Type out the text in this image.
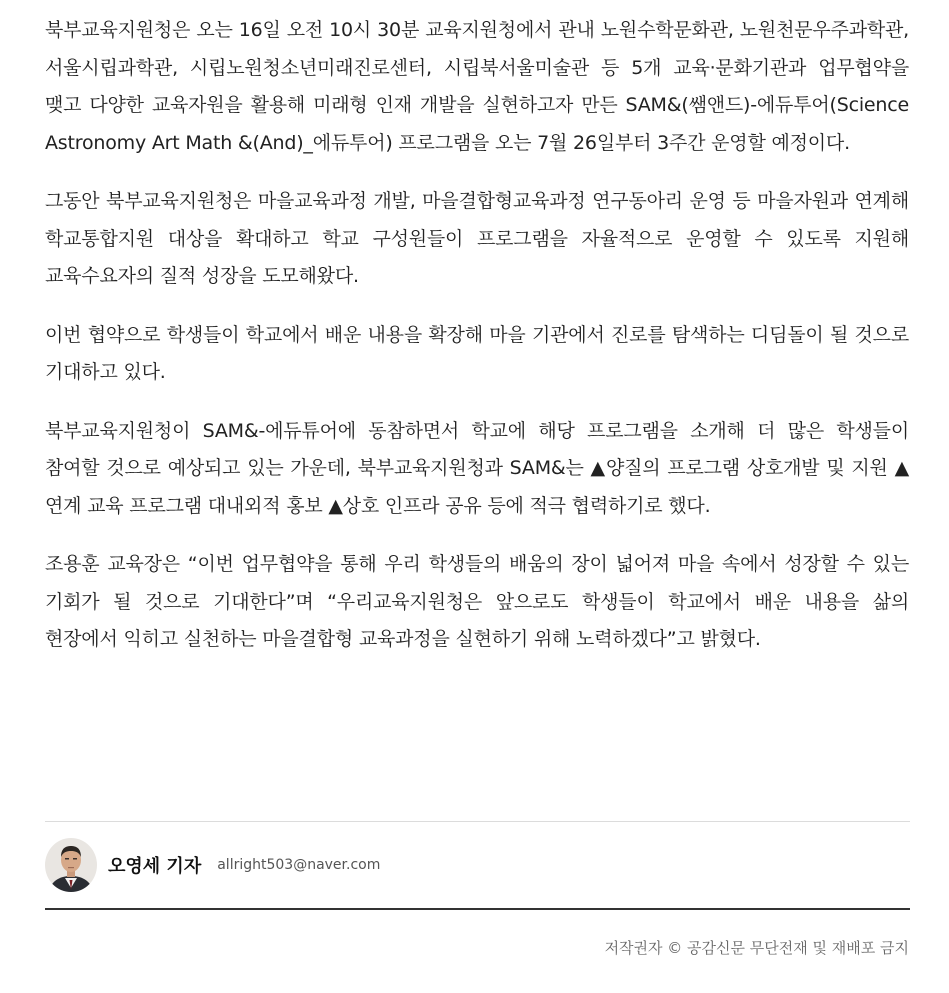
북부교육지원청은 오는 16일 오전 10시 30분 교육지원청에서 관내 노원수학문화관, 노원천문우주과학관, 서울시립과학관, 시립노원청소년미래진로센터, 시립북서울미술관 등 5개 교육·문화기관과 업무협약을 맺고 다양한 교육자원을 활용해 미래형 인재 개발을 실현하고자 만든 SAM&(쌤앤드)-에듀투어(Science Astronomy Art Math &(And)_에듀투어) 프로그램을 오는 7월 26일부터 3주간 운영할 예정이다.

그동안 북부교육지원청은 마을교육과정 개발, 마을결합형교육과정 연구동아리 운영 등 마을자원과 연계해 학교통합지원 대상을 확대하고 학교 구성원들이 프로그램을 자율적으로 운영할 수 있도록 지원해 교육수요자의 질적 성장을 도모해왔다.

이번 협약으로 학생들이 학교에서 배운 내용을 확장해 마을 기관에서 진로를 탐색하는 디딤돌이 될 것으로 기대하고 있다.

북부교육지원청이 SAM&-에듀튜어에 동참하면서 학교에 해당 프로그램을 소개해 더 많은 학생들이 참여할 것으로 예상되고 있는 가운데, 북부교육지원청과 SAM&는 ▲양질의 프로그램 상호개발 및 지원 ▲연계 교육 프로그램 대내외적 홍보 ▲상호 인프라 공유 등에 적극 협력하기로 했다.

조용훈 교육장은 “이번 업무협약을 통해 우리 학생들의 배움의 장이 넓어져 마을 속에서 성장할 수 있는 기회가 될 것으로 기대한다”며 “우리교육지원청은 앞으로도 학생들이 학교에서 배운 내용을 삶의 현장에서 익히고 실천하는 마을결합형 교육과정을 실현하기 위해 노력하겠다”고 밝혔다.

오영세 기자 allright503@naver.com
저작권자 © 공감신문 무단전재 및 재배포 금지
